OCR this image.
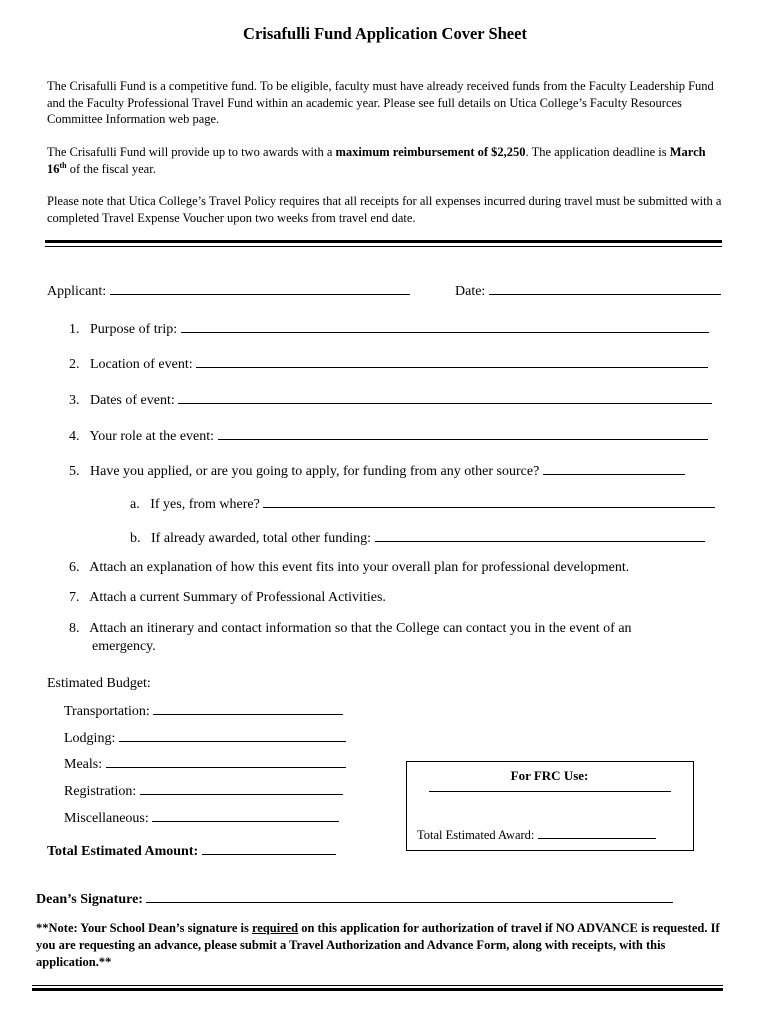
Crisafulli Fund Application Cover Sheet
The Crisafulli Fund is a competitive fund. To be eligible, faculty must have already received funds from the Faculty Leadership Fund and the Faculty Professional Travel Fund within an academic year. Please see full details on Utica College’s Faculty Resources Committee Information web page.
The Crisafulli Fund will provide up to two awards with a maximum reimbursement of $2,250. The application deadline is March 16th of the fiscal year.
Please note that Utica College’s Travel Policy requires that all receipts for all expenses incurred during travel must be submitted with a completed Travel Expense Voucher upon two weeks from travel end date.
Applicant:	Date:
1. Purpose of trip:
2. Location of event:
3. Dates of event:
4. Your role at the event:
5. Have you applied, or are you going to apply, for funding from any other source?
a. If yes, from where?
b. If already awarded, total other funding:
6. Attach an explanation of how this event fits into your overall plan for professional development.
7. Attach a current Summary of Professional Activities.
8. Attach an itinerary and contact information so that the College can contact you in the event of an
emergency.
Estimated Budget:
Transportation:
Lodging:
Meals:
Registration:
Miscellaneous:
Total Estimated Amount:
For FRC Use:
Total Estimated Award:
Dean’s Signature:
**Note: Your School Dean’s signature is required on this application for authorization of travel if NO ADVANCE is requested. If you are requesting an advance, please submit a Travel Authorization and Advance Form, along with receipts, with this application.**
